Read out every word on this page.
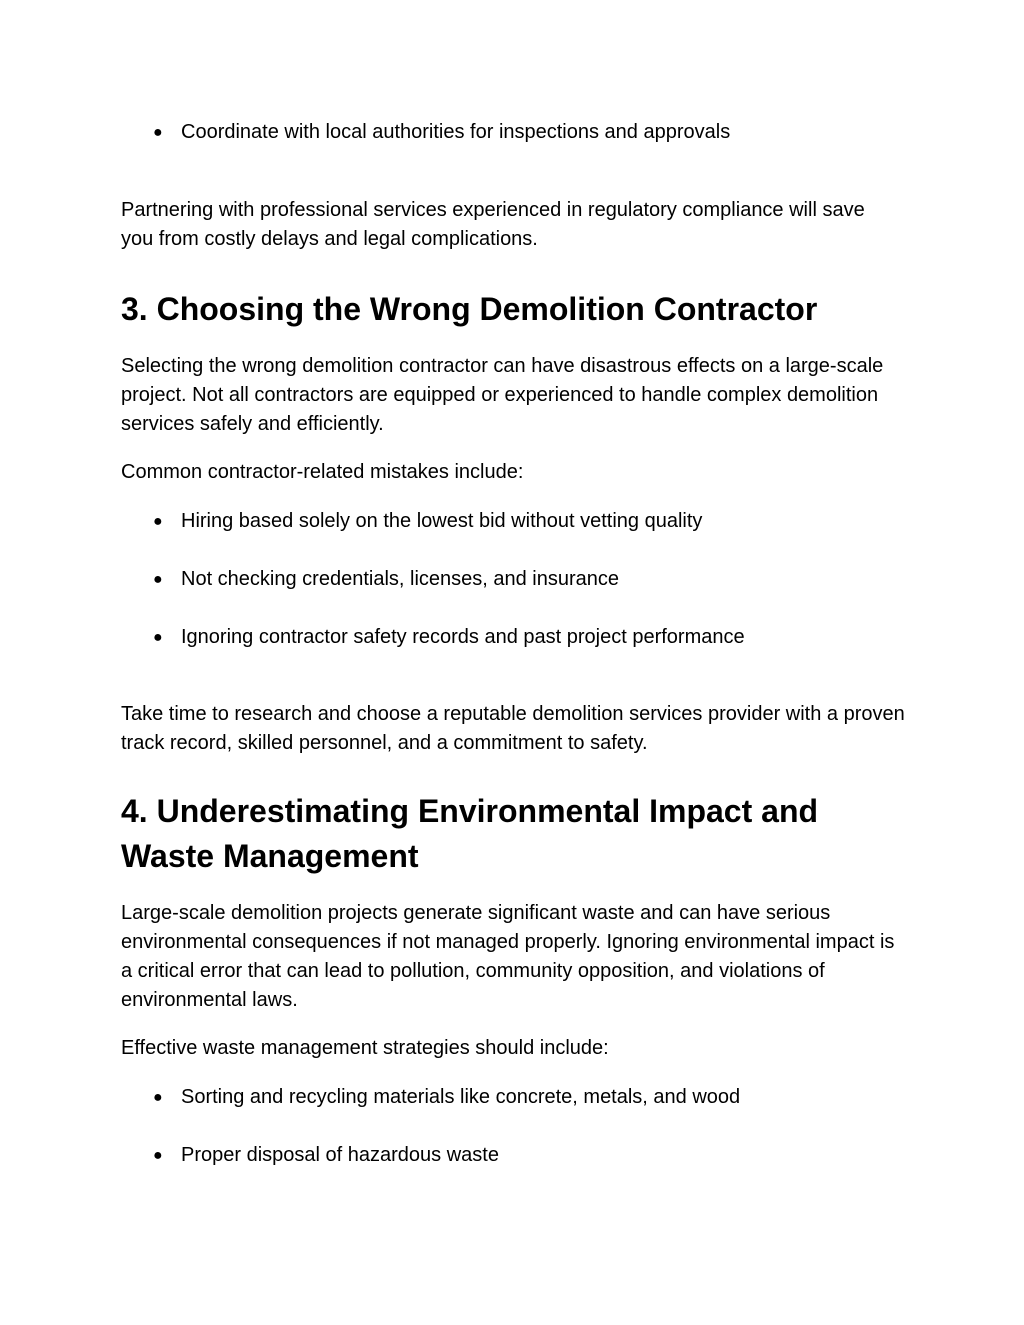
● Coordinate with local authorities for inspections and approvals

Partnering with professional services experienced in regulatory compliance will save you from costly delays and legal complications.

3. Choosing the Wrong Demolition Contractor

Selecting the wrong demolition contractor can have disastrous effects on a large-scale project. Not all contractors are equipped or experienced to handle complex demolition services safely and efficiently.

Common contractor-related mistakes include:

● Hiring based solely on the lowest bid without vetting quality
● Not checking credentials, licenses, and insurance
● Ignoring contractor safety records and past project performance

Take time to research and choose a reputable demolition services provider with a proven track record, skilled personnel, and a commitment to safety.

4. Underestimating Environmental Impact and Waste Management

Large-scale demolition projects generate significant waste and can have serious environmental consequences if not managed properly. Ignoring environmental impact is a critical error that can lead to pollution, community opposition, and violations of environmental laws.

Effective waste management strategies should include:

● Sorting and recycling materials like concrete, metals, and wood
● Proper disposal of hazardous waste
